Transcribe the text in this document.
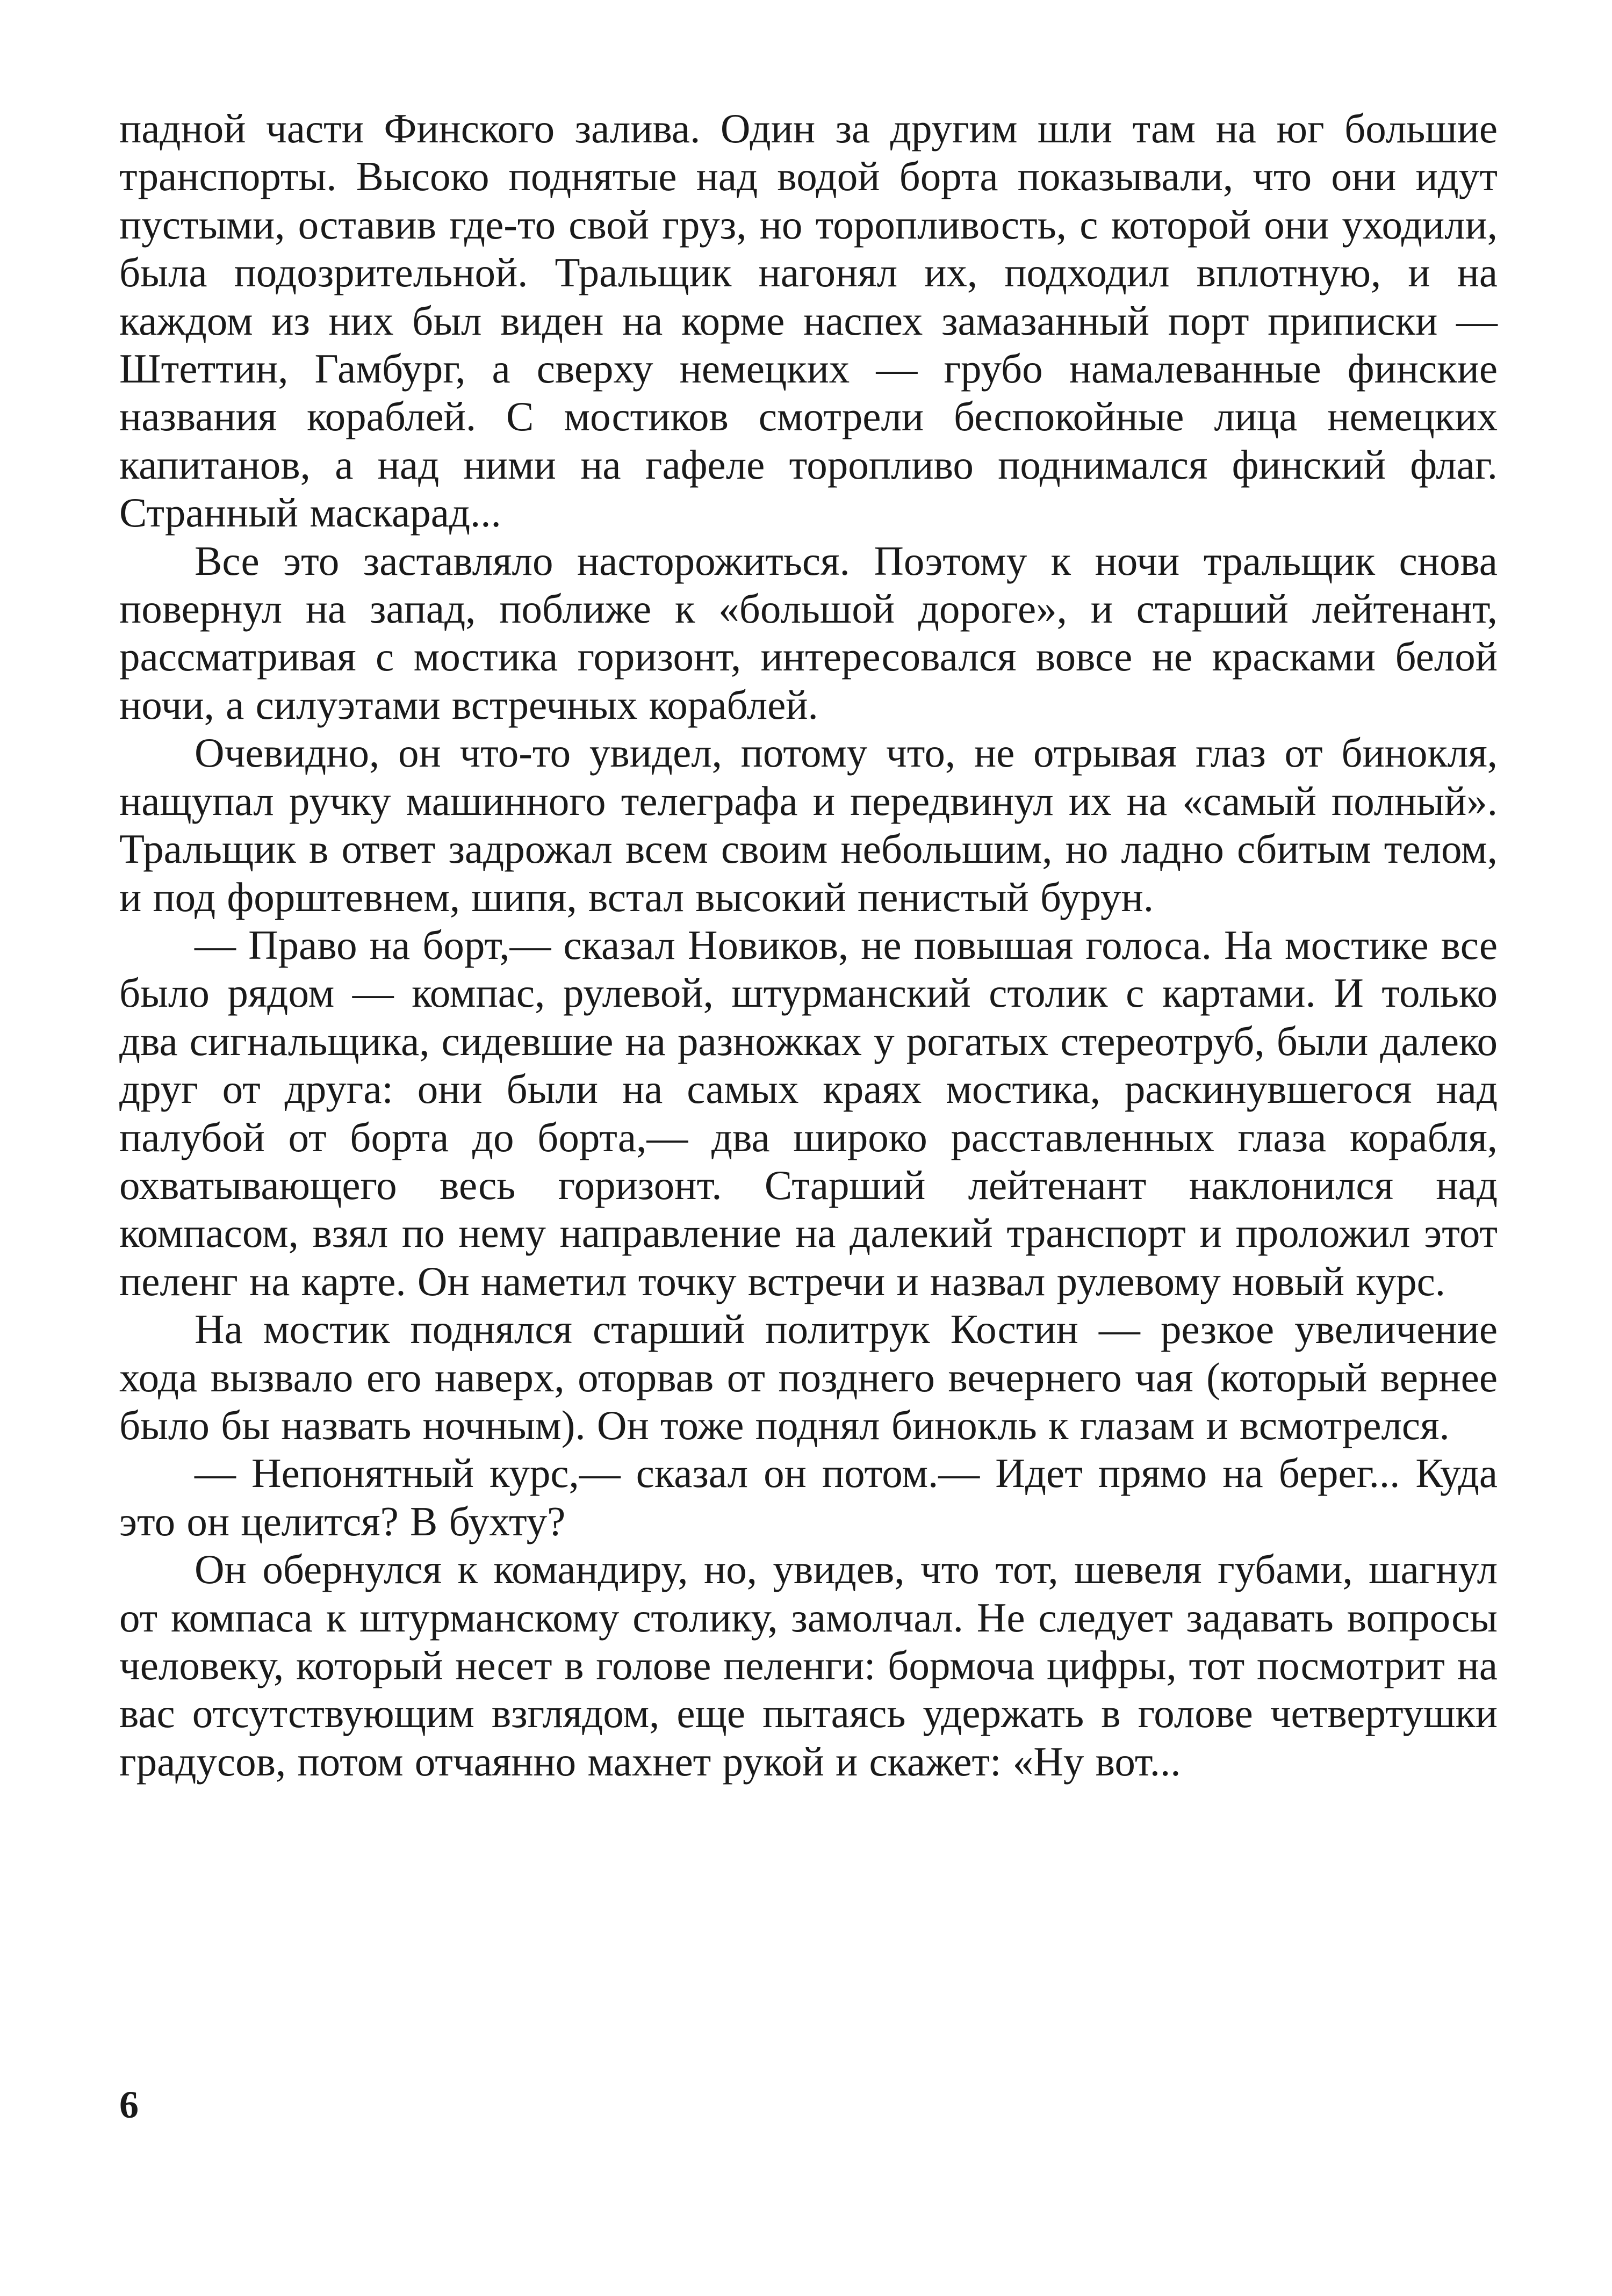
падной части Финского залива. Один за другим шли там на юг большие транспорты. Высоко поднятые над водой борта показывали, что они идут пустыми, оставив где-то свой груз, но торопливость, с которой они уходили, была подозрительной. Тральщик нагонял их, подходил вплотную, и на каждом из них был виден на корме наспех замазанный порт приписки — Штеттин, Гамбург, а сверху немецких — грубо намалеванные финские названия кораблей. С мостиков смотрели беспокойные лица немецких капитанов, а над ними на гафеле торопливо поднимался финский флаг. Странный маскарад...

Все это заставляло насторожиться. Поэтому к ночи тральщик снова повернул на запад, поближе к «большой дороге», и старший лейтенант, рассматривая с мостика горизонт, интересовался вовсе не красками белой ночи, а силуэтами встречных кораблей.

Очевидно, он что-то увидел, потому что, не отрывая глаз от бинокля, нащупал ручку машинного телеграфа и передвинул их на «самый полный». Тральщик в ответ задрожал всем своим небольшим, но ладно сбитым телом, и под форштевнем, шипя, встал высокий пенистый бурун.

— Право на борт,— сказал Новиков, не повышая голоса. На мостике все было рядом — компас, рулевой, штурманский столик с картами. И только два сигнальщика, сидевшие на разножках у рогатых стереотруб, были далеко друг от друга: они были на самых краях мостика, раскинувшегося над палубой от борта до борта,— два широко расставленных глаза корабля, охватывающего весь горизонт. Старший лейтенант наклонился над компасом, взял по нему направление на далекий транспорт и проложил этот пеленг на карте. Он наметил точку встречи и назвал рулевому новый курс.

На мостик поднялся старший политрук Костин — резкое увеличение хода вызвало его наверх, оторвав от позднего вечернего чая (который вернее было бы назвать ночным). Он тоже поднял бинокль к глазам и всмотрелся.

— Непонятный курс,— сказал он потом.— Идет прямо на берег... Куда это он целится? В бухту?

Он обернулся к командиру, но, увидев, что тот, шевеля губами, шагнул от компаса к штурманскому столику, замолчал. Не следует задавать вопросы человеку, который несет в голове пеленги: бормоча цифры, тот посмотрит на вас отсутствующим взглядом, еще пытаясь удержать в голове четвертушки градусов, потом отчаянно махнет рукой и скажет: «Ну вот...

6
